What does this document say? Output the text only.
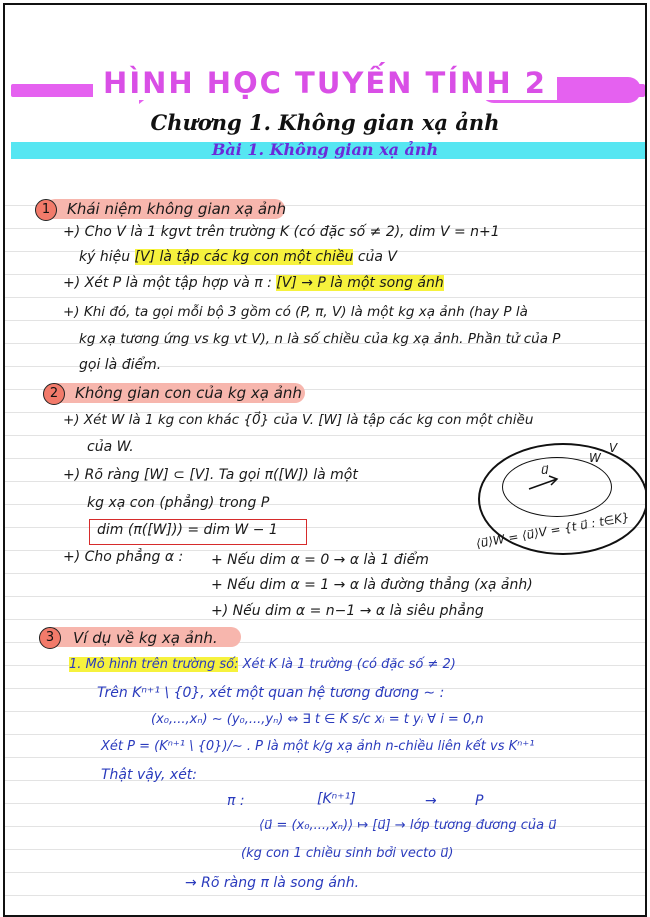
HÌNH HỌC TUYẾN TÍNH 2
Chương 1. Không gian xạ ảnh
Bài 1. Không gian xạ ảnh
1	Khái niệm không gian xạ ảnh
+) Cho V là 1 kgvt trên trường K (có đặc số ≠ 2), dim V = n+1
ký hiệu [V] là tập các kg con một chiều của V
+) Xét P là một tập hợp và π : [V] → P là một song ánh
+) Khi đó, ta gọi mỗi bộ 3 gồm có (P, π, V) là một kg xạ ảnh (hay P là
kg xạ tương ứng vs kg vt V), n là số chiều của kg xạ ảnh. Phần tử của P
gọi là điểm.
2	Không gian con của kg xạ ảnh
+) Xét W là 1 kg con khác {0⃗} của V. [W] là tập các kg con một chiều
của W.
+) Rõ ràng [W] ⊂ [V]. Ta gọi π([W]) là một
kg xạ con (phẳng) trong P
dim (π([W])) = dim W − 1
+) Cho phẳng α : + Nếu dim α = 0 → α là 1 điểm
+ Nếu dim α = 1 → α là đường thẳng (xạ ảnh)
+) Nếu dim α = n−1 → α là siêu phẳng
u⃗
W
V
⟨u⃗⟩W = ⟨u⃗⟩V = {t u⃗ : t∈K}
3	Ví dụ về kg xạ ảnh.
1. Mô hình trên trường số: Xét K là 1 trường (có đặc số ≠ 2)
Trên Kⁿ⁺¹ \ {0}, xét một quan hệ tương đương ∼ :
(x₀,...,xₙ) ∼ (y₀,...,yₙ) ⇔ ∃ t ∈ K s/c xᵢ = t yᵢ ∀ i = 0,n
Xét P = (Kⁿ⁺¹ \ {0})/∼ . P là một k/g xạ ảnh n-chiều liên kết vs Kⁿ⁺¹
Thật vậy, xét:
π :	[Kⁿ⁺¹]	→	P
⟨u⃗ = (x₀,...,xₙ)⟩ ↦ [u⃗] → lớp tương đương của u⃗
(kg con 1 chiều sinh bởi vecto u⃗)
→ Rõ ràng π là song ánh.
